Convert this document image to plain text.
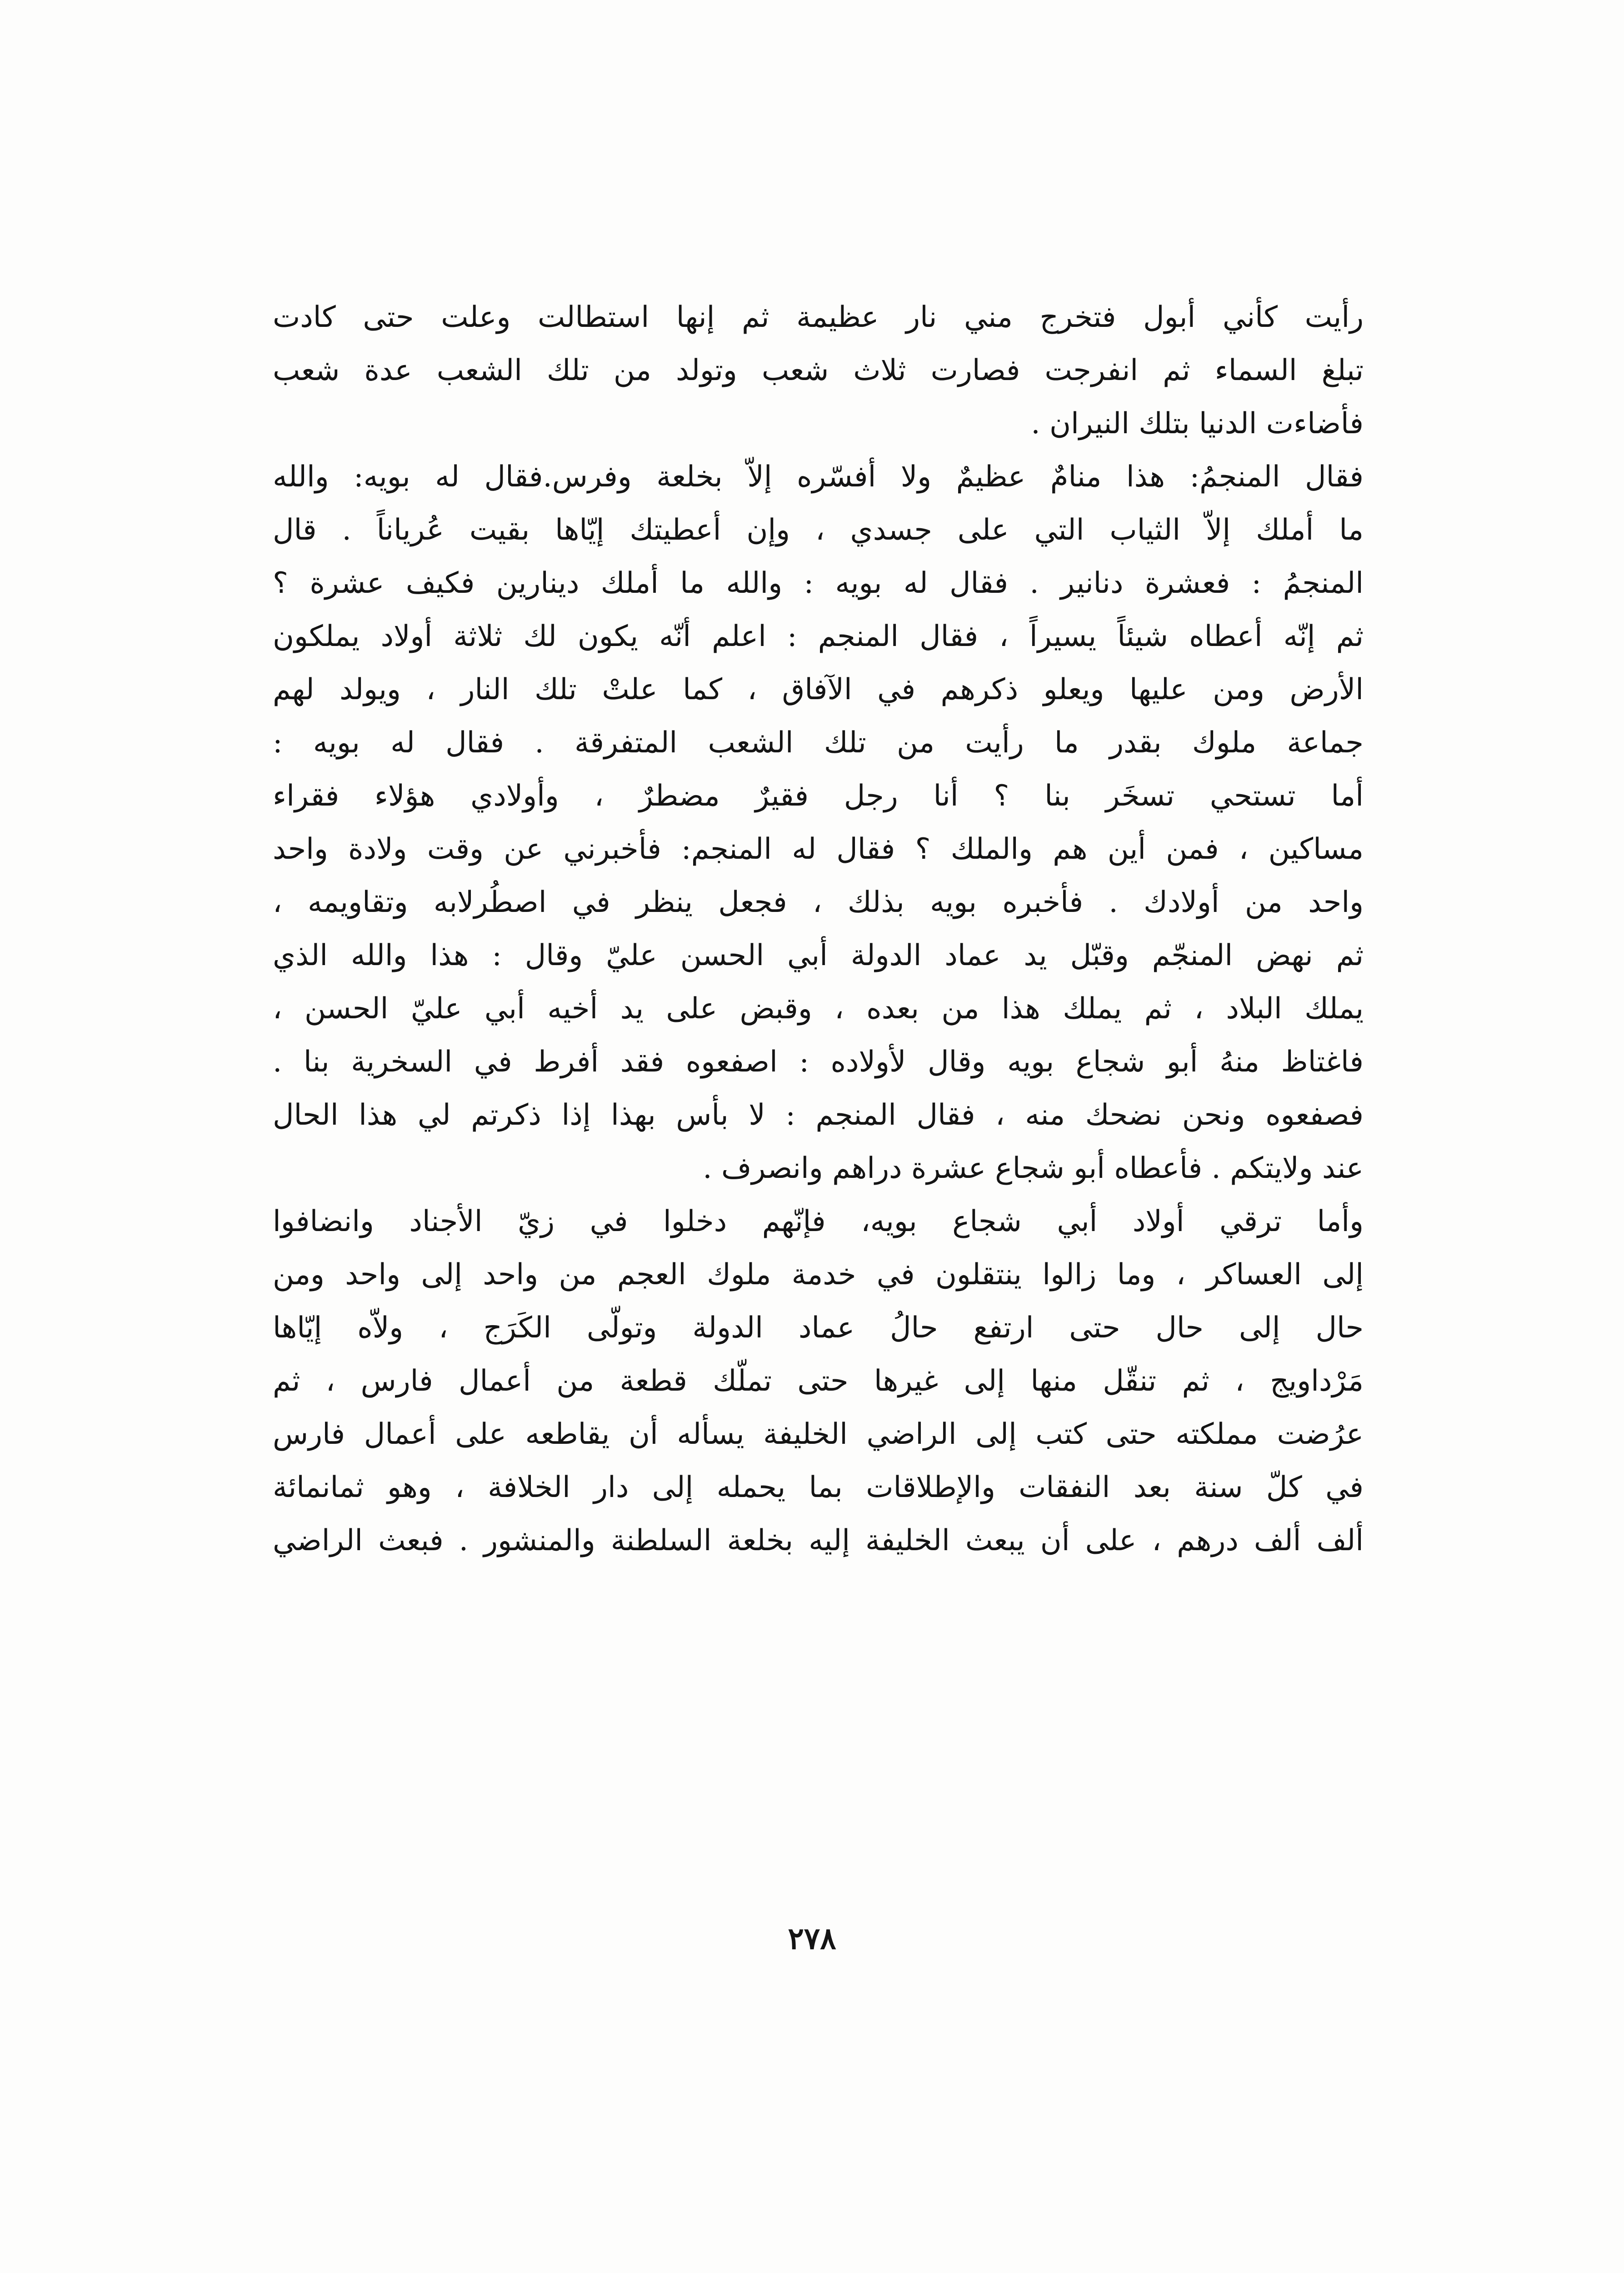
رأيت كأني أبول فتخرج مني نار عظيمة ثم إنها استطالت وعلت حتى كادت
تبلغ السماء ثم انفرجت فصارت ثلاث شعب وتولد من تلك الشعب عدة شعب
فأضاءت الدنيا بتلك النيران .
فقال المنجمُ: هذا منامٌ عظيمٌ ولا أفسّره إلاّ بخلعة وفرس.فقال له بويه: والله
ما أملك إلاّ الثياب التي على جسدي ، وإن أعطيتك إيّاها بقيت عُرياناً . قال
المنجمُ : فعشرة دنانير . فقال له بويه : والله ما أملك دينارين فكيف عشرة ؟
ثم إنّه أعطاه شيئاً يسيراً ، فقال المنجم : اعلم أنّه يكون لك ثلاثة أولاد يملكون
الأرض ومن عليها ويعلو ذكرهم في الآفاق ، كما علتْ تلك النار ، ويولد لهم
جماعة ملوك بقدر ما رأيت من تلك الشعب المتفرقة . فقال له بويه :
أما تستحي تسخَر بنا ؟ أنا رجل فقيرٌ مضطرٌ ، وأولادي هؤلاء فقراء
مساكين ، فمن أين هم والملك ؟ فقال له المنجم: فأخبرني عن وقت ولادة واحد
واحد من أولادك . فأخبره بويه بذلك ، فجعل ينظر في اصطُرلابه وتقاويمه ،
ثم نهض المنجّم وقبّل يد عماد الدولة أبي الحسن عليّ وقال : هذا والله الذي
يملك البلاد ، ثم يملك هذا من بعده ، وقبض على يد أخيه أبي عليّ الحسن ،
فاغتاظ منهُ أبو شجاع بويه وقال لأولاده : اصفعوه فقد أفرط في السخرية بنا .
فصفعوه ونحن نضحك منه ، فقال المنجم : لا بأس بهذا إذا ذكرتم لي هذا الحال
عند ولايتكم . فأعطاه أبو شجاع عشرة دراهم وانصرف .
وأما ترقي أولاد أبي شجاع بويه، فإنّهم دخلوا في زيّ الأجناد وانضافوا
إلى العساكر ، وما زالوا ينتقلون في خدمة ملوك العجم من واحد إلى واحد ومن
حال إلى حال حتى ارتفع حالُ عماد الدولة وتولّى الكَرَج ، ولاّه إيّاها
مَرْداويج ، ثم تنقّل منها إلى غيرها حتى تملّك قطعة من أعمال فارس ، ثم
عرُضت مملكته حتى كتب إلى الراضي الخليفة يسأله أن يقاطعه على أعمال فارس
في كلّ سنة بعد النفقات والإطلاقات بما يحمله إلى دار الخلافة ، وهو ثمانمائة
ألف ألف درهم ، على أن يبعث الخليفة إليه بخلعة السلطنة والمنشور . فبعث الراضي
٢٧٨
